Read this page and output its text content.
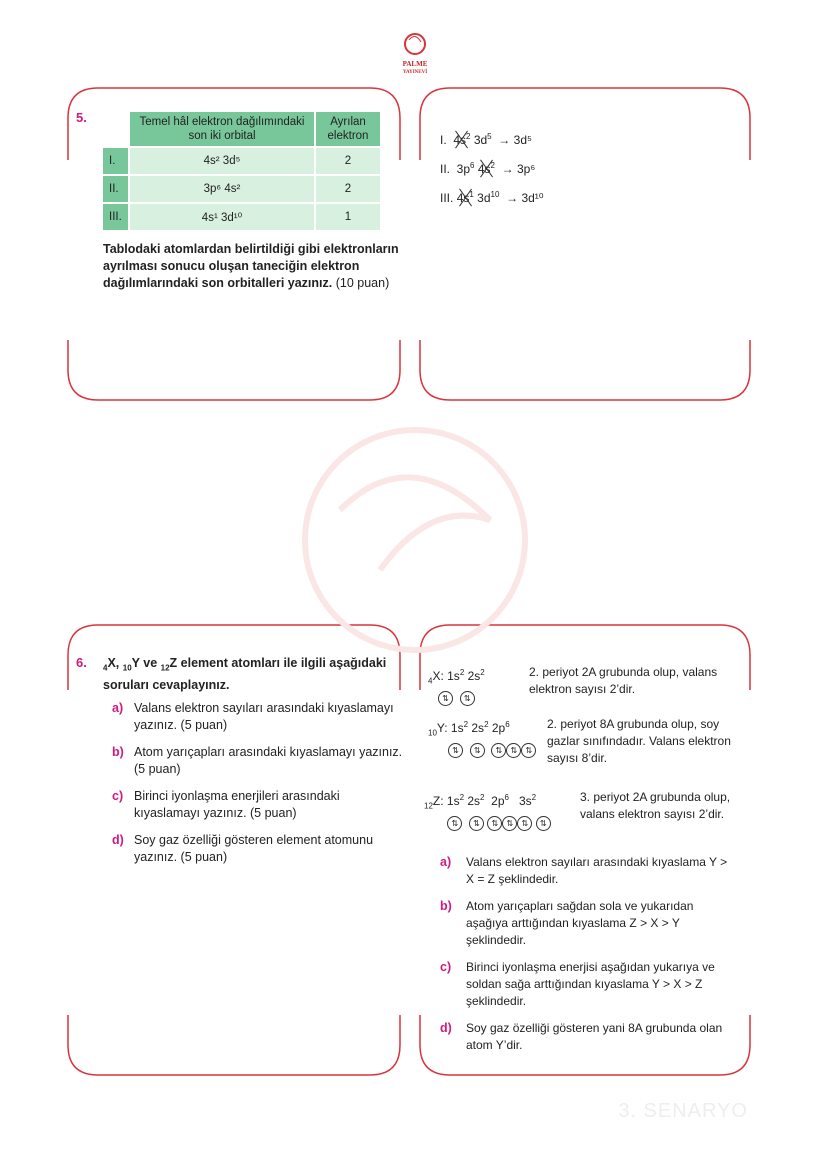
PALME
YAYINEVİ
5.
		Temel hâl elektron dağılımındaki son iki orbital	Ayrılan elektron
I.	4s² 3d⁵	2
II.	3p⁶ 4s²	2
III.	4s¹ 3d¹⁰	1
Tablodaki atomlardan belirtildiği gibi elektronların ayrılması sonucu oluşan taneciğin elektron dağılımlarındaki son orbitalleri yazınız. (10 puan)
I. $4s^2$ $3d^5 \to 3d^5$
II.  $3p^6$ $4s^2 \to 3p^6$
III. $4s^1$ $3d^{10} \to 3d^{10}$
6. $_4$X, $_{10}$Y ve $_{12}$Z element atomları ile ilgili aşağıdaki soruları cevaplayınız.
a) Valans elektron sayıları arasındaki kıyaslamayı yazınız. (5 puan)
b) Atom yarıçapları arasındaki kıyaslamayı yazınız. (5 puan)
c) Birinci iyonlaşma enerjileri arasındaki kıyaslamayı yazınız. (5 puan)
d) Soy gaz özelliği gösteren element atomunu yazınız. (5 puan)
$_4$X: $1s^2$ $2s^2$
⇅ ⇅
2. periyot 2A grubunda olup, valans elektron sayısı 2’dir.
$_{10}$Y: $1s^2$ $2s^2$ $2p^6$
⇅ ⇅ ⇅ ⇅ ⇅
2. periyot 8A grubunda olup, soy gazlar sınıfındadır. Valans elektron sayısı 8’dir.
$_{12}$Z: $1s^2$ $2s^2$  $2p^6$   $3s^2$
⇅ ⇅ ⇅ ⇅ ⇅ ⇅
3. periyot 2A grubunda olup, valans elektron sayısı 2’dir.
a)	Valans elektron sayıları arasındaki kıyaslama Y > X = Z şeklindedir.
b)	Atom yarıçapları sağdan sola ve yukarıdan aşağıya arttığından kıyaslama Z > X > Y şeklindedir.
c)	Birinci iyonlaşma enerjisi aşağıdan yukarıya ve soldan sağa arttığından kıyaslama Y > X > Z şeklindedir.
d)	Soy gaz özelliği gösteren yani 8A grubunda olan atom Y’dir.
3. SENARYO
